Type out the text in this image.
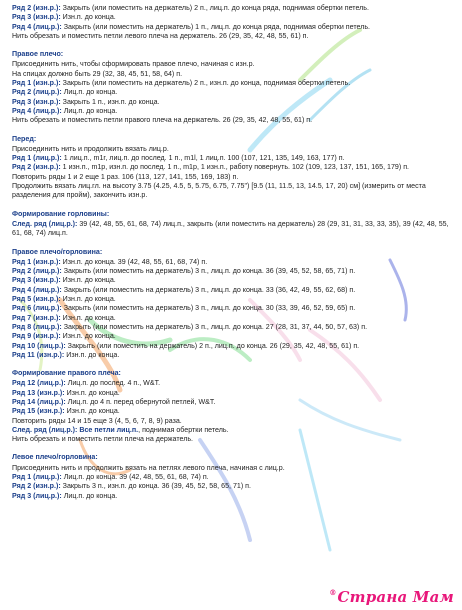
Ряд 2 (изн.р.): Закрыть (или поместить на держатель) 2 п., лиц.п. до конца ряда, поднимая обертки петель.
Ряд 3 (изн.р.): Изн.п. до конца.
Ряд 4 (лиц.р.): Закрыть (или поместить на держатель) 1 п., лиц.п. до конца ряда, поднимая обертки петель.
Нить обрезать и поместить петли левого плеча на держатель. 26 (29, 35, 42, 48, 55, 61) п.
Правое плечо:
Присоединить нить, чтобы сформировать правое плечо, начиная с изн.р.
На спицах должно быть 29 (32, 38, 45, 51, 58, 64) п.
Ряд 1 (изн.р.): Закрыть (или поместить на держатель) 2 п., изн.п. до конца, поднимая обертки петель.
Ряд 2 (лиц.р.): Лиц.п. до конца.
Ряд 3 (изн.р.): Закрыть 1 п., изн.п. до конца.
Ряд 4 (лиц.р.): Лиц.п. до конца.
Нить обрезать и поместить петли правого плеча на держатель. 26 (29, 35, 42, 48, 55, 61) п.
Перед:
Присоединить нить и продолжить вязать лиц.р.
Ряд 1 (лиц.р.): 1 лиц.п., m1r, лиц.п. до послед. 1 п., m1l, 1 лиц.п. 100 (107, 121, 135, 149, 163, 177) п.
Ряд 2 (изн.р.): 1 изн.п., m1p, изн.п. до послед. 1 п., m1p, 1 изн.п., работу повернуть. 102 (109, 123, 137, 151, 165, 179) п.
Повторить ряды 1 и 2 еще 1 раз. 106 (113, 127, 141, 155, 169, 183) п.
Продолжить вязать лиц.гл. на высоту 3.75 (4.25, 4.5, 5, 5.75, 6.75, 7.75") [9.5 (11, 11.5, 13, 14.5, 17, 20) см] (измерить от места разделения для пройм), закончить изн.р.
Формирование горловины:
След. ряд (лиц.р.): 39 (42, 48, 55, 61, 68, 74) лиц.п., закрыть (или поместить на держатель) 28 (29, 31, 31, 33, 33, 35), 39 (42, 48, 55, 61, 68, 74) лиц.п.
Правое плечо/горловина:
Ряд 1 (изн.р.): Изн.п. до конца. 39 (42, 48, 55, 61, 68, 74) п.
Ряд 2 (лиц.р.): Закрыть (или поместить на держатель) 3 п., лиц.п. до конца. 36 (39, 45, 52, 58, 65, 71) п.
Ряд 3 (изн.р.): Изн.п. до конца.
Ряд 4 (лиц.р.): Закрыть (или поместить на держатель) 3 п., лиц.п. до конца. 33 (36, 42, 49, 55, 62, 68) п.
Ряд 5 (изн.р.): Изн.п. до конца.
Ряд 6 (лиц.р.): Закрыть (или поместить на держатель) 3 п., лиц.п. до конца. 30 (33, 39, 46, 52, 59, 65) п.
Ряд 7 (изн.р.): Изн.п. до конца.
Ряд 8 (лиц.р.): Закрыть (или поместить на держатель) 3 п., лиц.п. до конца. 27 (28, 31, 37, 44, 50, 57, 63) п.
Ряд 9 (изн.р.): Изн.п. до конца.
Ряд 10 (лиц.р.): Закрыть (или поместить на держатель) 2 п., лиц.п. до конца. 26 (29, 35, 42, 48, 55, 61) п.
Ряд 11 (изн.р.): Изн.п. до конца.
Формирование правого плеча:
Ряд 12 (лиц.р.): Лиц.п. до послед. 4 п., W&T.
Ряд 13 (изн.р.): Изн.п. до конца.
Ряд 14 (лиц.р.): Лиц.п. до 4 п. перед обернутой петлей, W&T.
Ряд 15 (изн.р.): Изн.п. до конца.
Повторить ряды 14 и 15 еще 3 (4, 5, 6, 7, 8, 9) раза.
След. ряд (лиц.р.): Все петли лиц.п., поднимая обертки петель.
Нить обрезать и поместить петли плеча на держатель.
Левое плечо/горловина:
Присоединить нить и продолжить вязать на петлях левого плеча, начиная с лиц.р.
Ряд 1 (лиц.р.): Лиц.п. до конца. 39 (42, 48, 55, 61, 68, 74) п.
Ряд 2 (изн.р.): Закрыть 3 п., изн.п. до конца. 36 (39, 45, 52, 58, 65, 71) п.
Ряд 3 (лиц.р.): Лиц.п. до конца.
®Страна Мам
